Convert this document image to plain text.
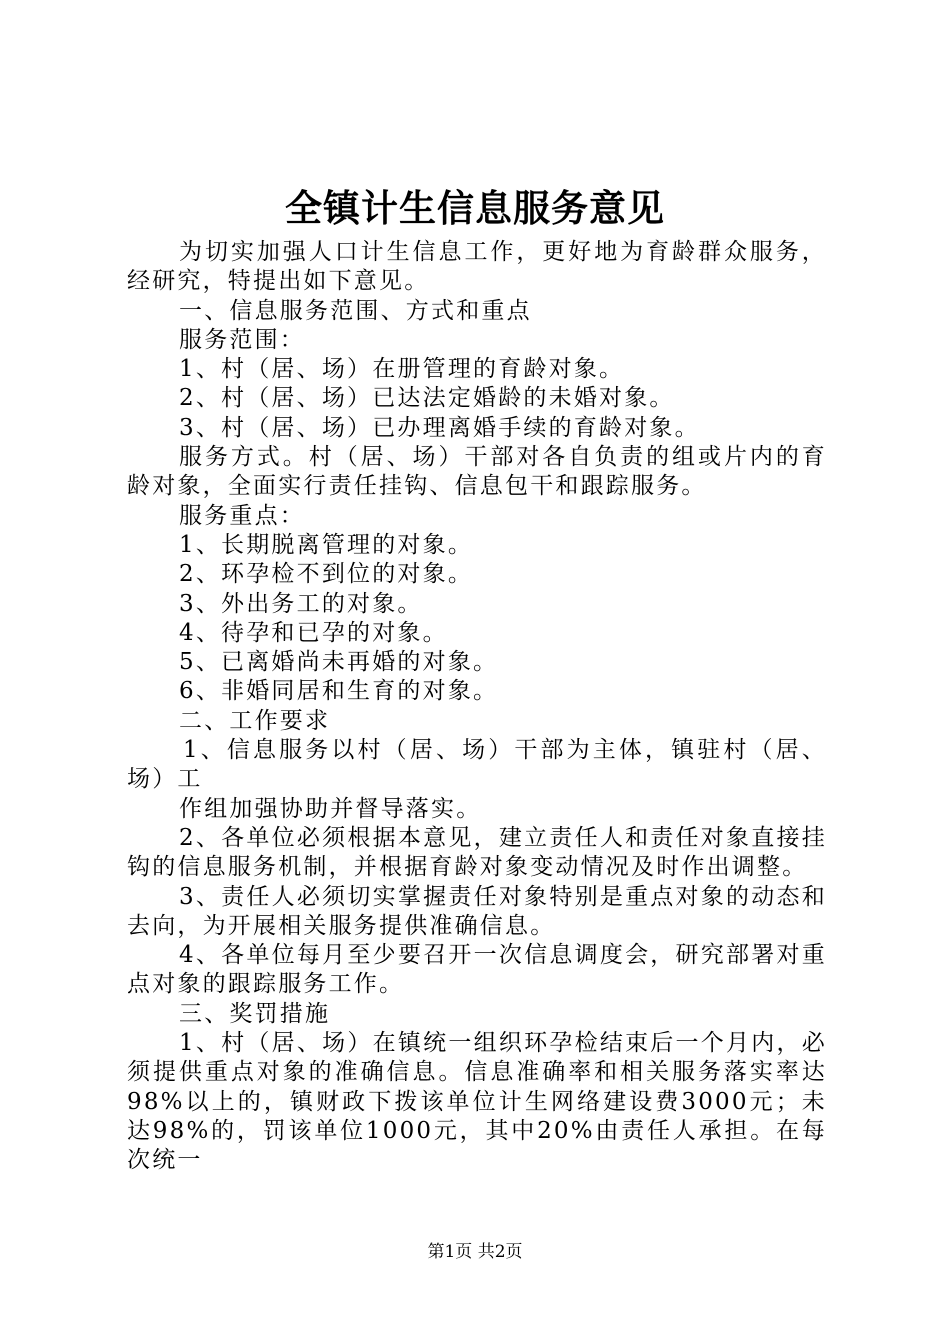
全镇计生信息服务意见

为切实加强人口计生信息工作，更好地为育龄群众服务，经研究，特提出如下意见。

一、信息服务范围、方式和重点

服务范围：

1、村（居、场）在册管理的育龄对象。

2、村（居、场）已达法定婚龄的未婚对象。

3、村（居、场）已办理离婚手续的育龄对象。

服务方式。村（居、场）干部对各自负责的组或片内的育龄对象，全面实行责任挂钩、信息包干和跟踪服务。

服务重点：

1、长期脱离管理的对象。

2、环孕检不到位的对象。

3、外出务工的对象。

4、待孕和已孕的对象。

5、已离婚尚未再婚的对象。

6、非婚同居和生育的对象。

二、工作要求

1、信息服务以村（居、场）干部为主体，镇驻村（居、场）工

作组加强协助并督导落实。

2、各单位必须根据本意见，建立责任人和责任对象直接挂钩的信息服务机制，并根据育龄对象变动情况及时作出调整。

3、责任人必须切实掌握责任对象特别是重点对象的动态和去向，为开展相关服务提供准确信息。

4、各单位每月至少要召开一次信息调度会，研究部署对重点对象的跟踪服务工作。

三、奖罚措施

1、村（居、场）在镇统一组织环孕检结束后一个月内，必须提供重点对象的准确信息。信息准确率和相关服务落实率达98%以上的，镇财政下拨该单位计生网络建设费3000元；未达98%的，罚该单位1000元，其中20%由责任人承担。在每次统一

第1页 共2页
